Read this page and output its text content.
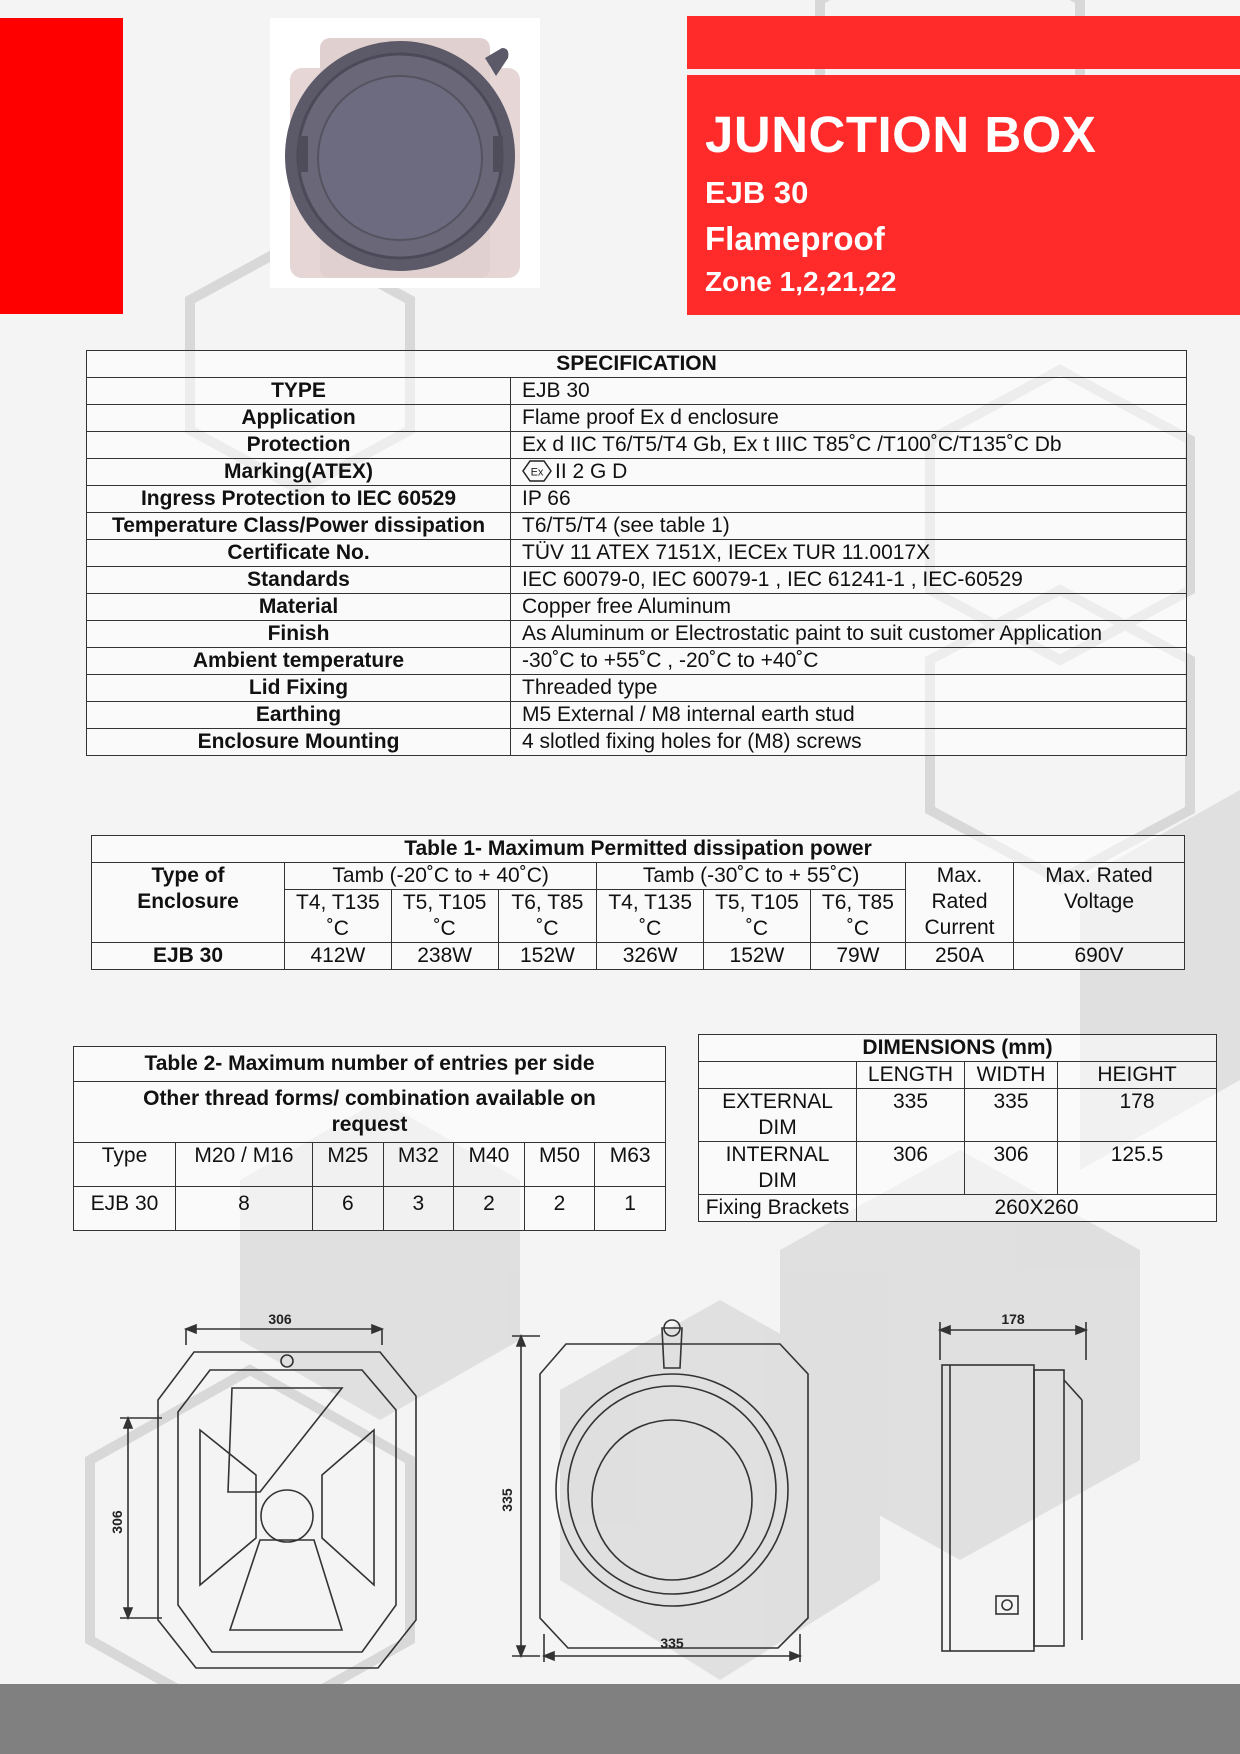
JUNCTION BOX
EJB 30
Flameproof
Zone 1,2,21,22
SPECIFICATION	
TYPE	EJB 30
Application	Flame proof Ex d enclosure
Protection	Ex d IIC T6/T5/T4 Gb, Ex t IIIC T85˚C /T100˚C/T135˚C Db
Marking(ATEX)	Ex II 2 G D
Ingress Protection to IEC 60529	IP 66
Temperature Class/Power dissipation	T6/T5/T4 (see table 1)
Certificate No.	TÜV 11 ATEX 7151X, IECEx TUR 11.0017X
Standards	IEC 60079-0, IEC 60079-1 , IEC 61241-1 , IEC-60529
Material	Copper free Aluminum
Finish	As Aluminum or Electrostatic paint to suit customer Application
Ambient temperature	-30˚C to +55˚C , -20˚C to +40˚C
Lid Fixing	Threaded type
Earthing	M5 External / M8 internal earth stud
Enclosure Mounting	4 slotled fixing holes for (M8) screws
Table 1- Maximum Permitted dissipation power								
Type of Enclosure	Tamb (-20˚C to + 40˚C)			Tamb (-30˚C to + 55˚C)			Max. Rated Current	Max. Rated Voltage
	T4, T135 ˚C	T5, T105 ˚C	T6, T85 ˚C	T4, T135 ˚C	T5, T105 ˚C	T6, T85 ˚C		
EJB 30	412W	238W	152W	326W	152W	79W	250A	690V
Table 2- Maximum number of entries per side						
Other thread forms/ combination available on request						
Type	M20 / M16	M25	M32	M40	M50	M63
EJB 30	8	6	3	2	2	1
DIMENSIONS (mm)			
	LENGTH	WIDTH	HEIGHT
EXTERNAL DIM	335	335	178
INTERNAL DIM	306	306	125.5
Fixing Brackets	260X260		
306
306
335
335
178
